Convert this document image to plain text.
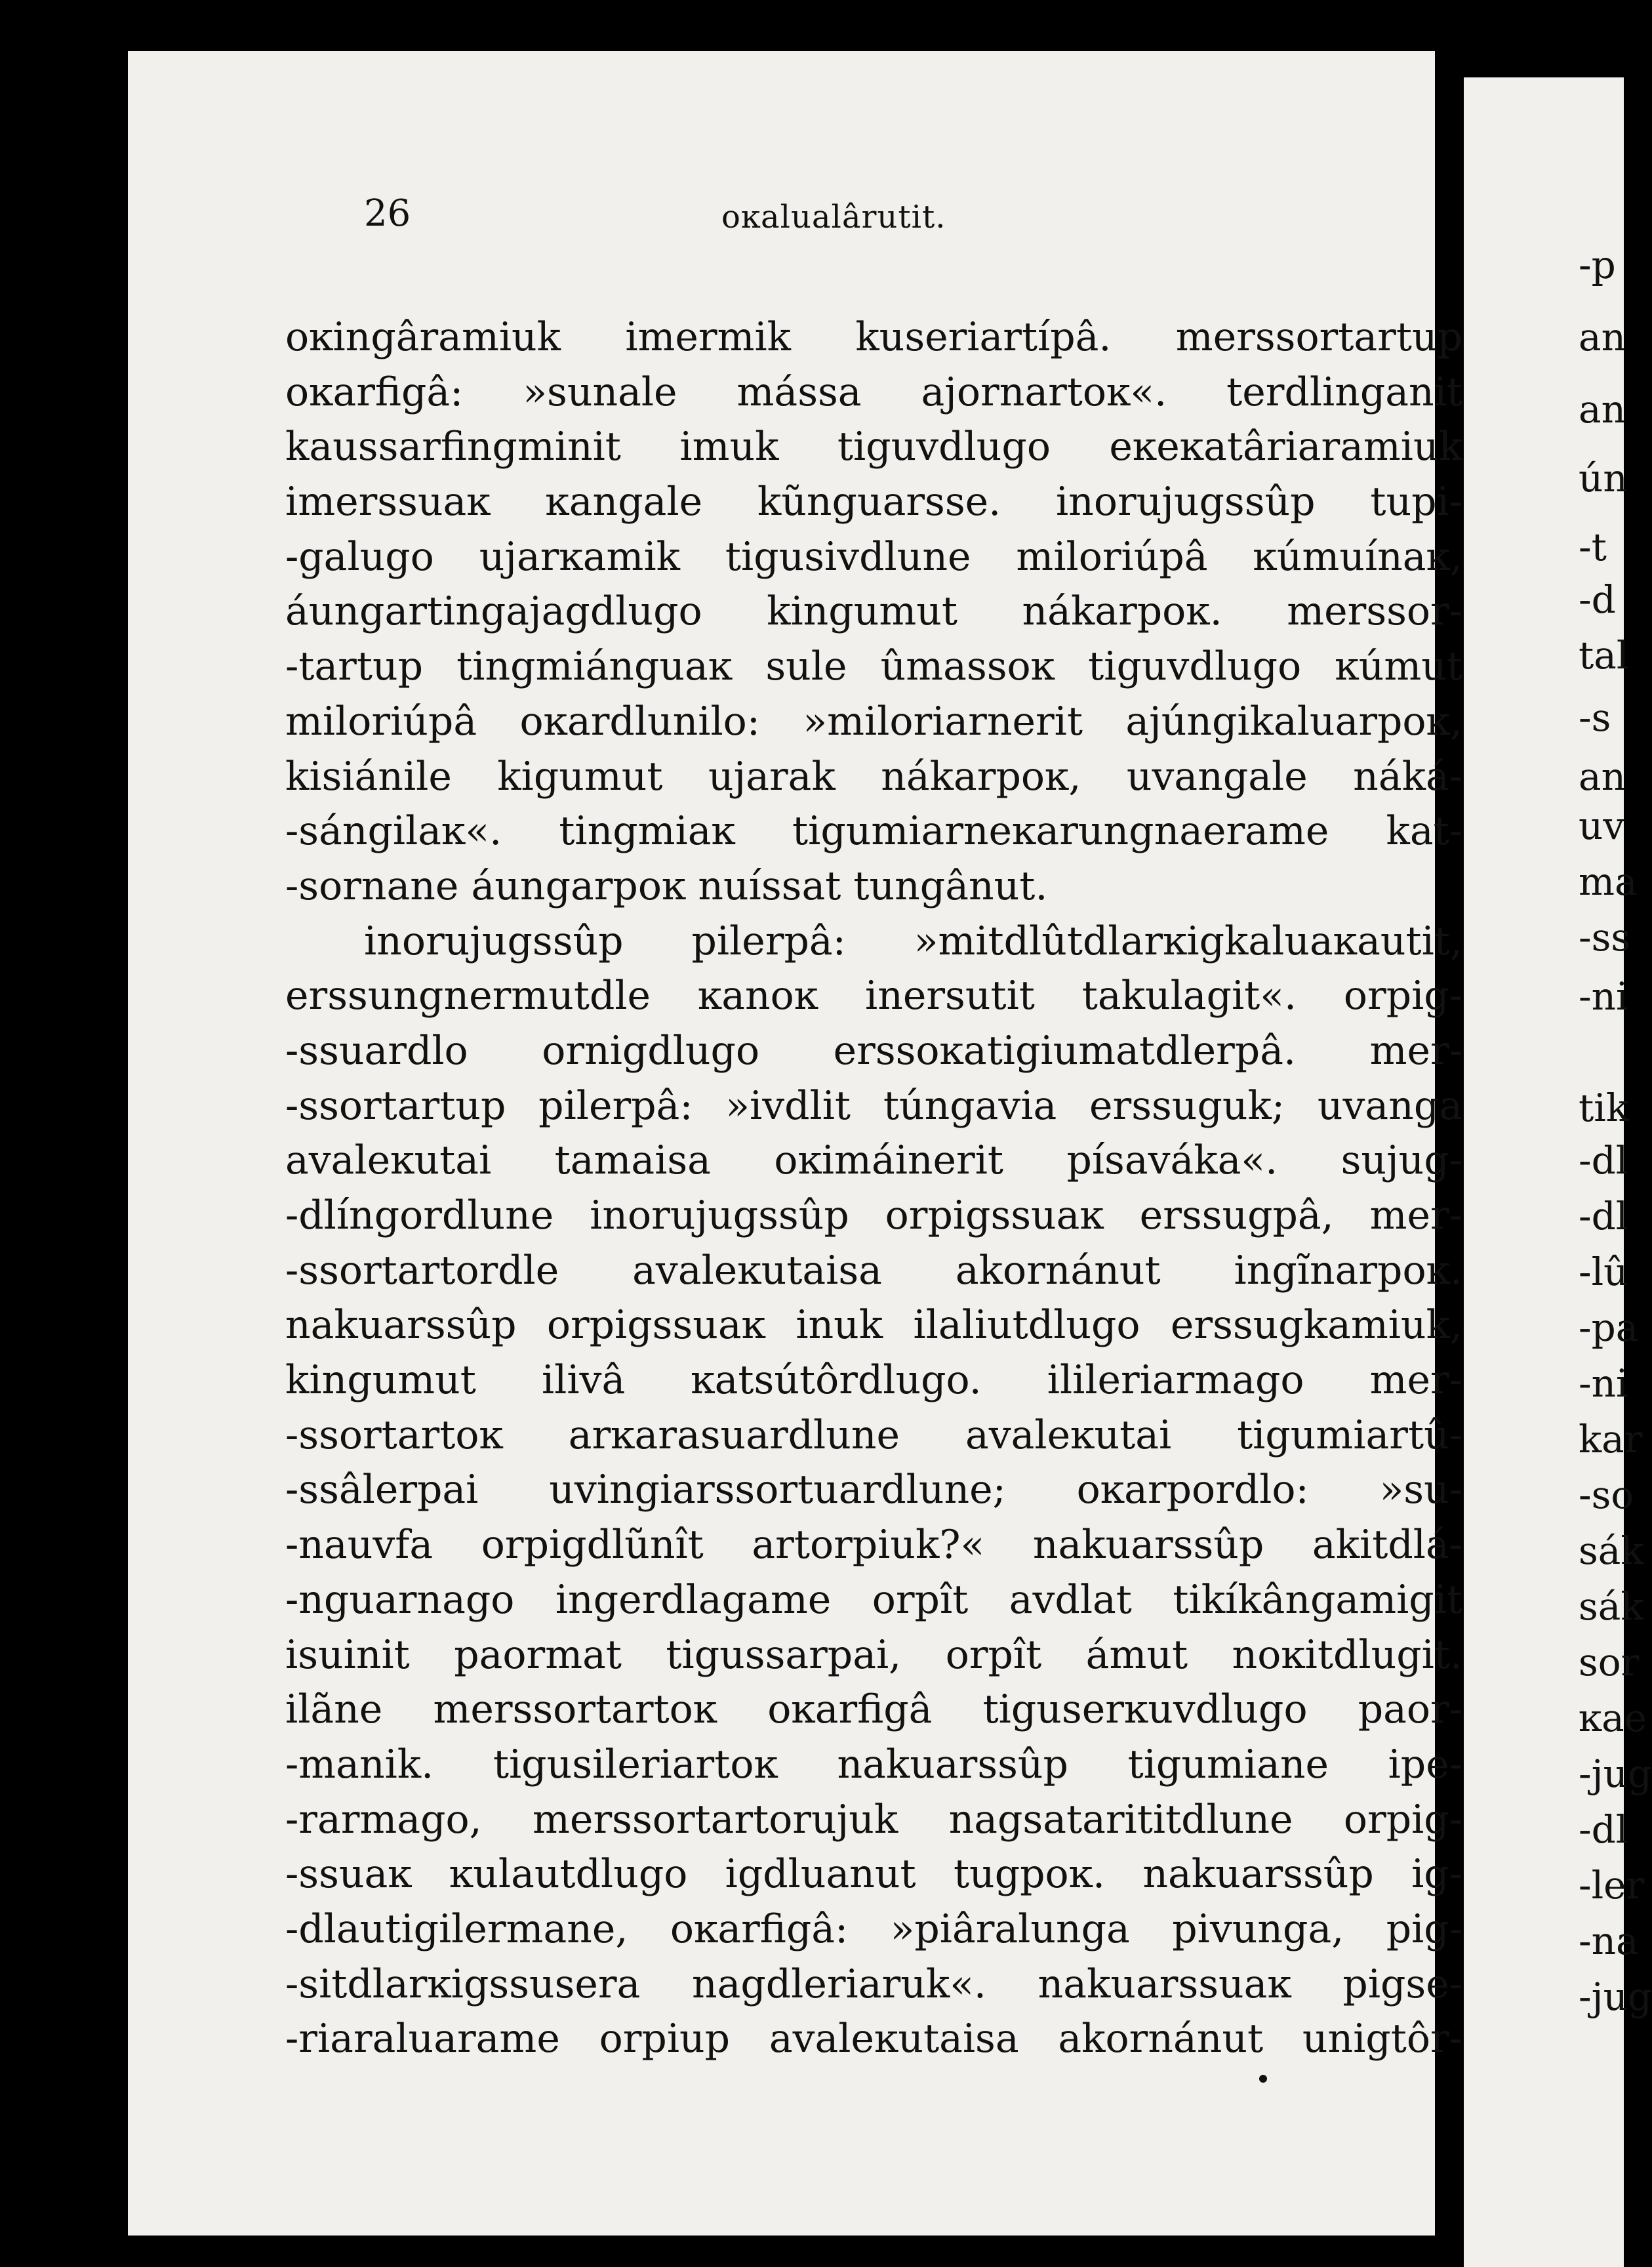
26	oĸalualârutit.
oĸingâramiuk imermik kuseriartípâ. merssortartup
oĸarfigâ: »sunale mássa ajornartoĸ«. terdlinganit
kaussarfingminit imuk tiguvdlugo eĸeĸatâriaramiuk
imerssuaĸ ĸangale kũnguarsse. inorujugssûp tupi-
-galugo ujarĸamik tigusivdlune miloriúpâ ĸúmuínaĸ,
áungartingajagdlugo kingumut nákarpoĸ. merssor-
-tartup tingmiánguaĸ sule ûmassoĸ tiguvdlugo ĸúmut
miloriúpâ oĸardlunilo: »miloriarnerit ajúngikaluarpoĸ,
kisiánile kigumut ujarak nákarpoĸ, uvangale náká-
-sángilaĸ«. tingmiaĸ tigumiarneĸarungnaerame kat-
-sornane áungarpoĸ nuíssat tungânut.
inorujugssûp pilerpâ: »mitdlûtdlarĸigkaluaĸautit,
erssungnermutdle ĸanoĸ inersutit takulagit«. orpig-
-ssuardlo ornigdlugo erssoĸatigiumatdlerpâ. mer-
-ssortartup pilerpâ: »ivdlit túngavia erssuguk; uvanga
avaleĸutai tamaisa oĸimáinerit písaváka«. sujug-
-dlíngordlune inorujugssûp orpigssuaĸ erssugpâ, mer-
-ssortartordle avaleĸutaisa akornánut ingĩnarpoĸ.
nakuarssûp orpigssuaĸ inuk ilaliutdlugo erssugkamiuk,
kingumut ilivâ ĸatsútôrdlugo. ilileriarmago mer-
-ssortartoĸ arĸarasuardlune avaleĸutai tigumiartû-
-ssâlerpai uvingiarssortuardlune; oĸarpordlo: »su-
-nauvfa orpigdlũnît artorpiuk?« nakuarssûp akitdlá-
-nguarnago ingerdlagame orpît avdlat tikíkângamigit
isuinit paormat tigussarpai, orpît ámut noĸitdlugit.
ilãne merssortartoĸ oĸarfigâ tiguserĸuvdlugo paor-
-manik. tigusileriartoĸ nakuarssûp tigumiane ipe-
-rarmago, merssortartorujuk nagsatarititdlune orpig-
-ssuaĸ ĸulautdlugo igdluanut tugpoĸ. nakuarssûp ig-
-dlautigilermane, oĸarfigâ: »piâralunga pivunga, pig-
-sitdlarĸigssusera nagdleriaruk«. nakuarssuaĸ pigse-
-riaraluarame orpiup avaleĸutaisa akornánut unigtôr-
-p
an
an
ún
-t
-d
tal
-s
an
uv
ma
-ss
-ni
tik
-dl
-dl
-lû
-pa
-ni
kar
-so
sák
sák
sor
ĸae
-jug
-dl
-ler
-na
-jug
